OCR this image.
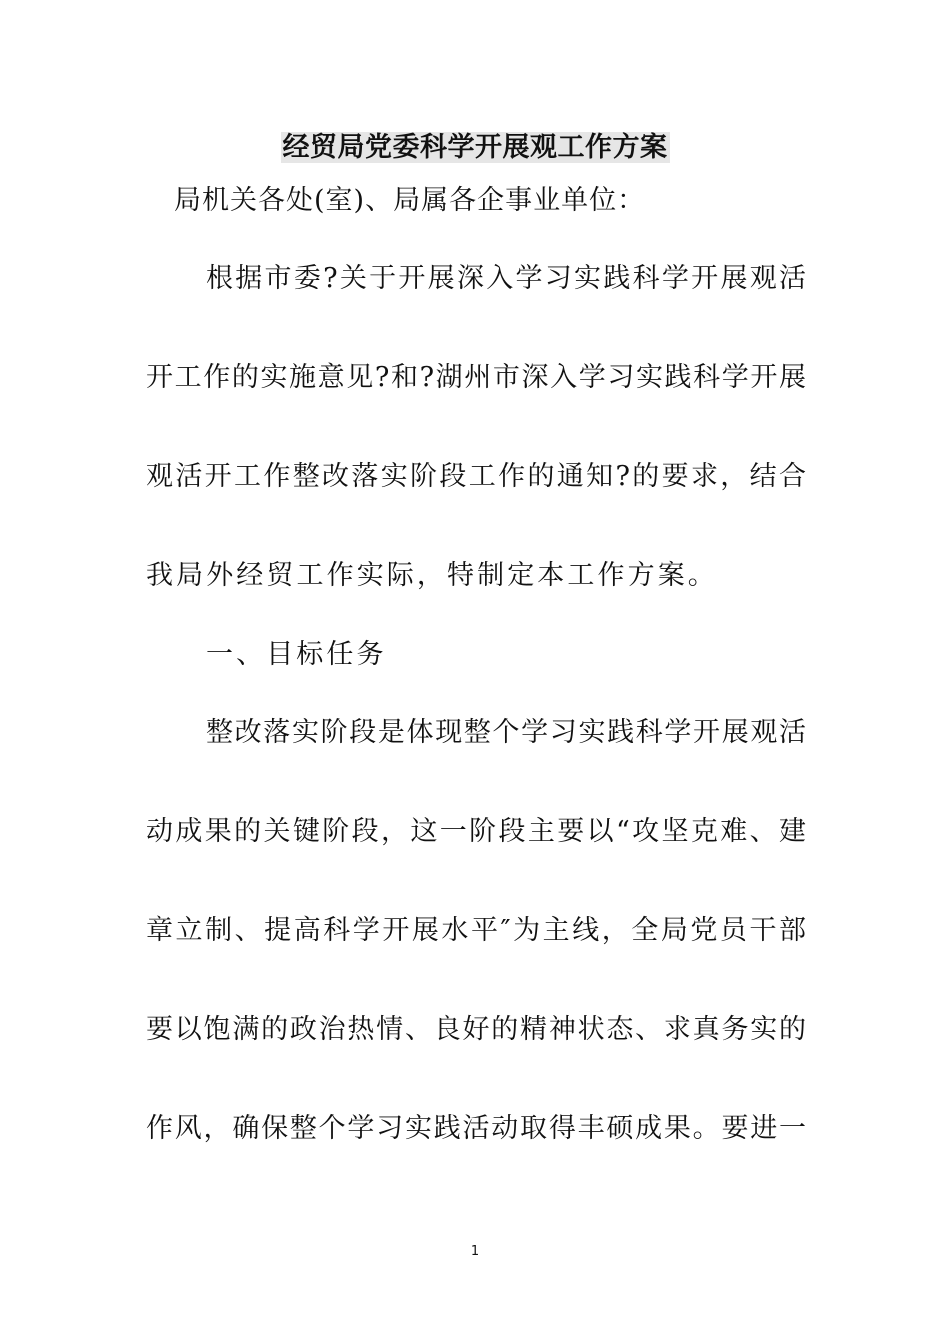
经贸局党委科学开展观工作方案
局机关各处(室)、局属各企事业单位：
根据市委?关于开展深入学习实践科学开展观活
开工作的实施意见?和?湖州市深入学习实践科学开展
观活开工作整改落实阶段工作的通知?的要求，结合
我局外经贸工作实际，特制定本工作方案。
一、目标任务
整改落实阶段是体现整个学习实践科学开展观活
动成果的关键阶段，这一阶段主要以“攻坚克难、建
章立制、提高科学开展水平″为主线，全局党员干部
要以饱满的政治热情、良好的精神状态、求真务实的
作风，确保整个学习实践活动取得丰硕成果。要进一
1
